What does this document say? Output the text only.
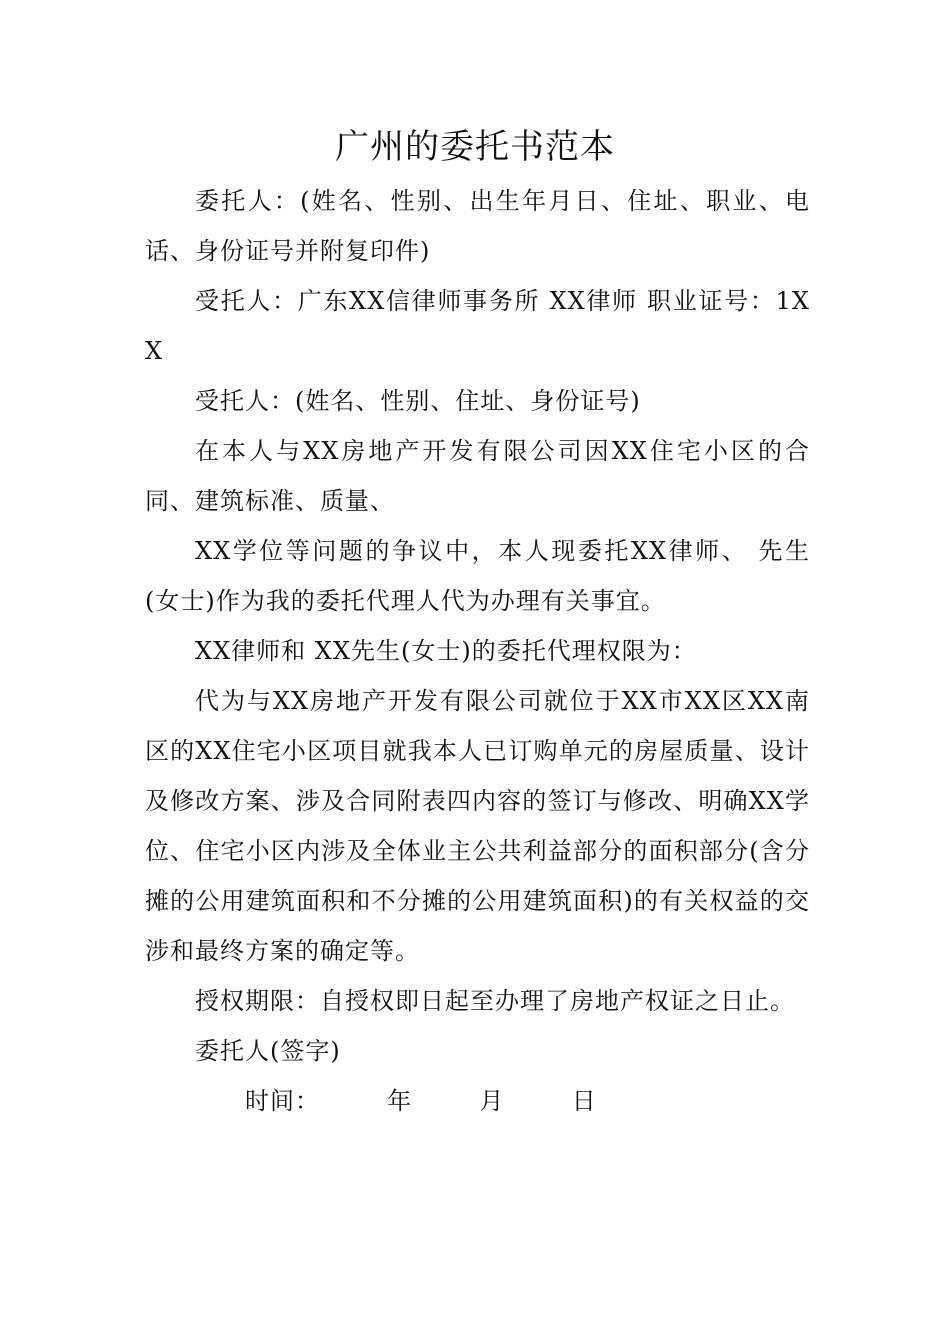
广州的委托书范本

委托人：(姓名、性别、出生年月日、住址、职业、电话、身份证号并附复印件)

受托人：广东XX信律师事务所 XX律师 职业证号：1XX

受托人：(姓名、性别、住址、身份证号)

在本人与XX房地产开发有限公司因XX住宅小区的合同、建筑标准、质量、

XX学位等问题的争议中，本人现委托XX律师、 先生(女士)作为我的委托代理人代为办理有关事宜。

XX律师和 XX先生(女士)的委托代理权限为：

代为与XX房地产开发有限公司就位于XX市XX区XX南区的XX住宅小区项目就我本人已订购单元的房屋质量、设计及修改方案、涉及合同附表四内容的签订与修改、明确XX学位、住宅小区内涉及全体业主公共利益部分的面积部分(含分摊的公用建筑面积和不分摊的公用建筑面积)的有关权益的交涉和最终方案的确定等。

授权期限：自授权即日起至办理了房地产权证之日止。

委托人(签字)

时间：	年	月	日
